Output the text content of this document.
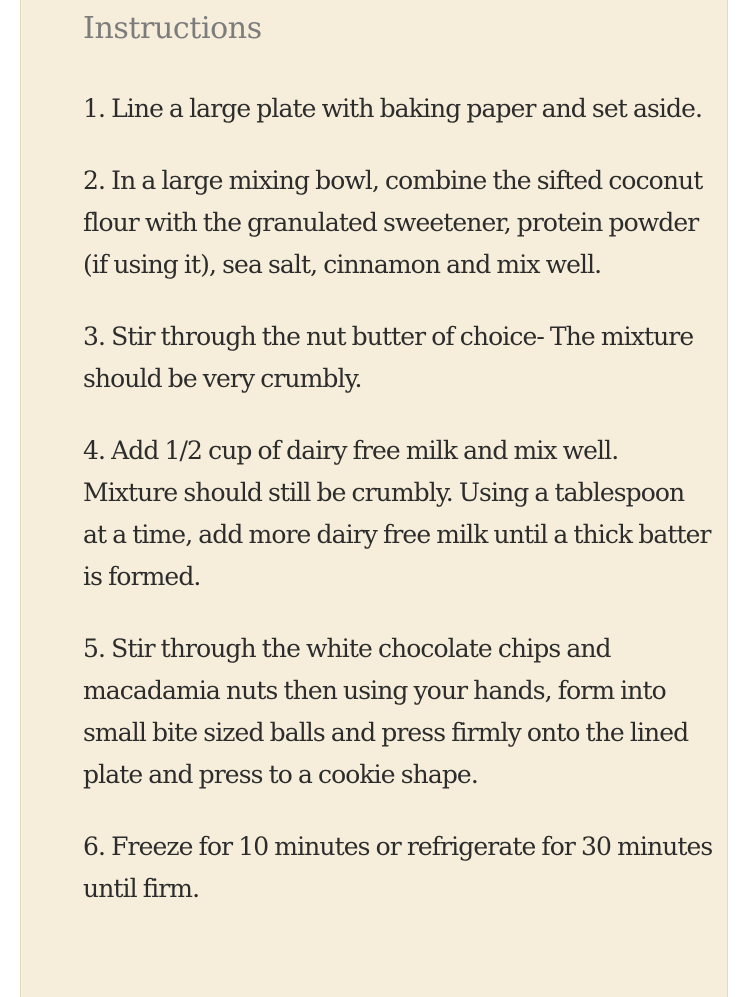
Instructions
1. Line a large plate with baking paper and set aside.
2. In a large mixing bowl, combine the sifted coconut flour with the granulated sweetener, protein powder (if using it), sea salt, cinnamon and mix well.
3. Stir through the nut butter of choice- The mixture should be very crumbly.
4. Add 1/2 cup of dairy free milk and mix well. Mixture should still be crumbly. Using a tablespoon at a time, add more dairy free milk until a thick batter is formed.
5. Stir through the white chocolate chips and macadamia nuts then using your hands, form into small bite sized balls and press firmly onto the lined plate and press to a cookie shape.
6. Freeze for 10 minutes or refrigerate for 30 minutes until firm.
